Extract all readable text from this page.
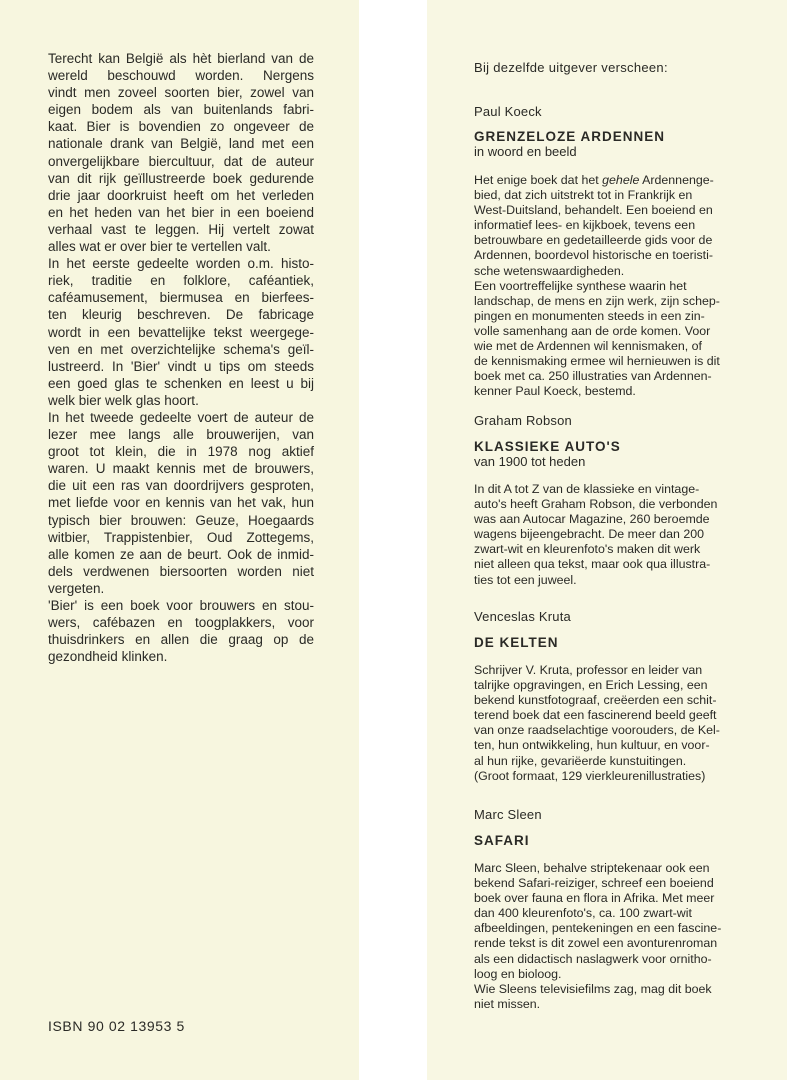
Terecht kan België als hèt bierland van de
wereld beschouwd worden. Nergens
vindt men zoveel soorten bier, zowel van
eigen bodem als van buitenlands fabri-
kaat. Bier is bovendien zo ongeveer de
nationale drank van België, land met een
onvergelijkbare biercultuur, dat de auteur
van dit rijk geïllustreerde boek gedurende
drie jaar doorkruist heeft om het verleden
en het heden van het bier in een boeiend
verhaal vast te leggen. Hij vertelt zowat
alles wat er over bier te vertellen valt.

In het eerste gedeelte worden o.m. histo-
riek, traditie en folklore, caféantiek,
caféamusement, biermusea en bierfees-
ten kleurig beschreven. De fabricage
wordt in een bevattelijke tekst weergege-
ven en met overzichtelijke schema's geïl-
lustreerd. In 'Bier' vindt u tips om steeds
een goed glas te schenken en leest u bij
welk bier welk glas hoort.

In het tweede gedeelte voert de auteur de
lezer mee langs alle brouwerijen, van
groot tot klein, die in 1978 nog aktief
waren. U maakt kennis met de brouwers,
die uit een ras van doordrijvers gesproten,
met liefde voor en kennis van het vak, hun
typisch bier brouwen: Geuze, Hoegaards
witbier, Trappistenbier, Oud Zottegems,
alle komen ze aan de beurt. Ook de inmid-
dels verdwenen biersoorten worden niet
vergeten.

'Bier' is een boek voor brouwers en stou-
wers, cafébazen en toogplakkers, voor
thuisdrinkers en allen die graag op de
gezondheid klinken.

ISBN 90 02 13953 5
Bij dezelfde uitgever verscheen:

Paul Koeck

GRENZELOZE ARDENNEN

in woord en beeld

Het enige boek dat het gehele Ardennenge-
bied, dat zich uitstrekt tot in Frankrijk en
West-Duitsland, behandelt. Een boeiend en
informatief lees- en kijkboek, tevens een
betrouwbare en gedetailleerde gids voor de
Ardennen, boordevol historische en toeristi-
sche wetenswaardigheden.
Een voortreffelijke synthese waarin het
landschap, de mens en zijn werk, zijn schep-
pingen en monumenten steeds in een zin-
volle samenhang aan de orde komen. Voor
wie met de Ardennen wil kennismaken, of
de kennismaking ermee wil hernieuwen is dit
boek met ca. 250 illustraties van Ardennen-
kenner Paul Koeck, bestemd.

Graham Robson

KLASSIEKE AUTO'S

van 1900 tot heden

In dit A tot Z van de klassieke en vintage-
auto's heeft Graham Robson, die verbonden
was aan Autocar Magazine, 260 beroemde
wagens bijeengebracht. De meer dan 200
zwart-wit en kleurenfoto's maken dit werk
niet alleen qua tekst, maar ook qua illustra-
ties tot een juweel.

Venceslas Kruta

DE KELTEN

Schrijver V. Kruta, professor en leider van
talrijke opgravingen, en Erich Lessing, een
bekend kunstfotograaf, creëerden een schit-
terend boek dat een fascinerend beeld geeft
van onze raadselachtige voorouders, de Kel-
ten, hun ontwikkeling, hun kultuur, en voor-
al hun rijke, gevariëerde kunstuitingen.
(Groot formaat, 129 vierkleurenillustraties)

Marc Sleen

SAFARI

Marc Sleen, behalve striptekenaar ook een
bekend Safari-reiziger, schreef een boeiend
boek over fauna en flora in Afrika. Met meer
dan 400 kleurenfoto's, ca. 100 zwart-wit
afbeeldingen, pentekeningen en een fascine-
rende tekst is dit zowel een avonturenroman
als een didactisch naslagwerk voor ornitho-
loog en bioloog.
Wie Sleens televisiefilms zag, mag dit boek
niet missen.
